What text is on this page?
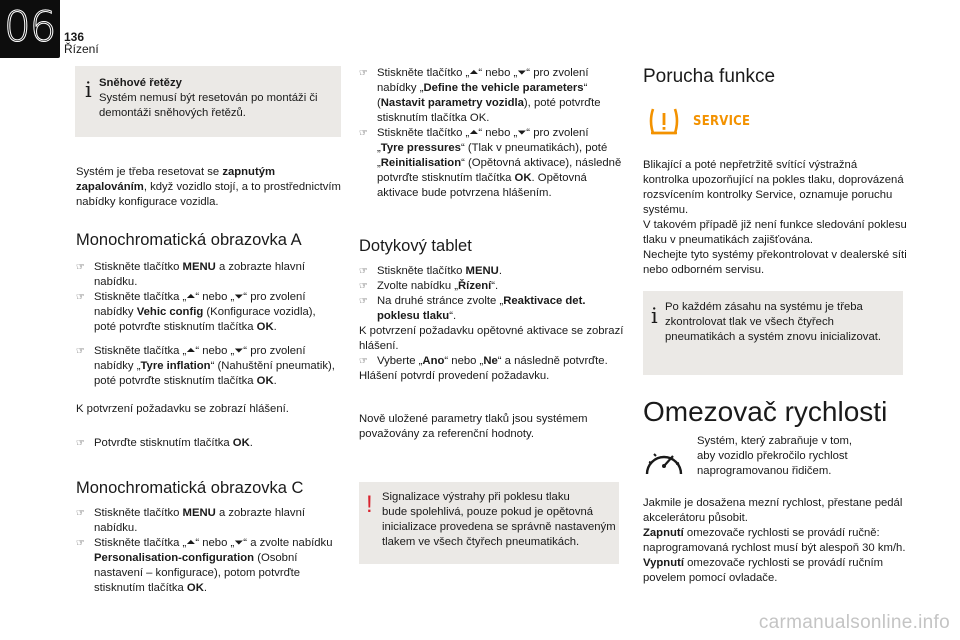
06 136
Řízení
i Sněhové řetězy
Systém nemusí být resetován po montáži či
demontáži sněhových řetězů.
Systém je třeba resetovat se zapnutým
zapalováním, když vozidlo stojí, a to prostřednictvím
nabídky konfigurace vozidla.
Monochromatická obrazovka A
☞ Stiskněte tlačítko MENU a zobrazte hlavní
nabídku.
☞ Stiskněte tlačítka „⏶“ nebo „⏷“ pro zvolení
nabídky Vehic config (Konfigurace vozidla),
poté potvrďte stisknutím tlačítka OK.
☞ Stiskněte tlačítka „⏶“ nebo „⏷“ pro zvolení
nabídky „Tyre inflation“ (Nahuštění pneumatik),
poté potvrďte stisknutím tlačítka OK.
K potvrzení požadavku se zobrazí hlášení.
☞ Potvrďte stisknutím tlačítka OK.
Monochromatická obrazovka C
☞ Stiskněte tlačítko MENU a zobrazte hlavní
nabídku.
☞ Stiskněte tlačítka „⏶“ nebo „⏷“ a zvolte nabídku
Personalisation-configuration (Osobní
nastavení – konfigurace), potom potvrďte
stisknutím tlačítka OK.
☞ Stiskněte tlačítko „⏶“ nebo „⏷“ pro zvolení
nabídky „Define the vehicle parameters“
(Nastavit parametry vozidla), poté potvrďte
stisknutím tlačítka OK.
☞ Stiskněte tlačítko „⏶“ nebo „⏷“ pro zvolení
„Tyre pressures“ (Tlak v pneumatikách), poté
„Reinitialisation“ (Opětovná aktivace), následně
potvrďte stisknutím tlačítka OK. Opětovná
aktivace bude potvrzena hlášením.
Dotykový tablet
☞ Stiskněte tlačítko MENU.
☞ Zvolte nabídku „Řízení“.
☞ Na druhé stránce zvolte „Reaktivace det.
poklesu tlaku“.
K potvrzení požadavku opětovné aktivace se zobrazí
hlášení.
☞ Vyberte „Ano“ nebo „Ne“ a následně potvrďte.
Hlášení potvrdí provedení požadavku.
Nově uložené parametry tlaků jsou systémem
považovány za referenční hodnoty.
! Signalizace výstrahy při poklesu tlaku
bude spolehlivá, pouze pokud je opětovná
inicializace provedena se správně nastaveným
tlakem ve všech čtyřech pneumatikách.
Porucha funkce
SERVICE
Blikající a poté nepřetržitě svítící výstražná
kontrolka upozorňující na pokles tlaku, doprovázená
rozsvícením kontrolky Service, oznamuje poruchu
systému.
V takovém případě již není funkce sledování poklesu
tlaku v pneumatikách zajišťována.
Nechejte tyto systémy překontrolovat v dealerské síti
nebo odborném servisu.
i Po každém zásahu na systému je třeba
zkontrolovat tlak ve všech čtyřech
pneumatikách a systém znovu inicializovat.
Omezovač rychlosti
Systém, který zabraňuje v tom,
aby vozidlo překročilo rychlost
naprogramovanou řidičem.
Jakmile je dosažena mezní rychlost, přestane pedál
akcelerátoru působit.
Zapnutí omezovače rychlosti se provádí ručně:
naprogramovaná rychlost musí být alespoň 30 km/h.
Vypnutí omezovače rychlosti se provádí ručním
povelem pomocí ovladače.
carmanualsonline.info
